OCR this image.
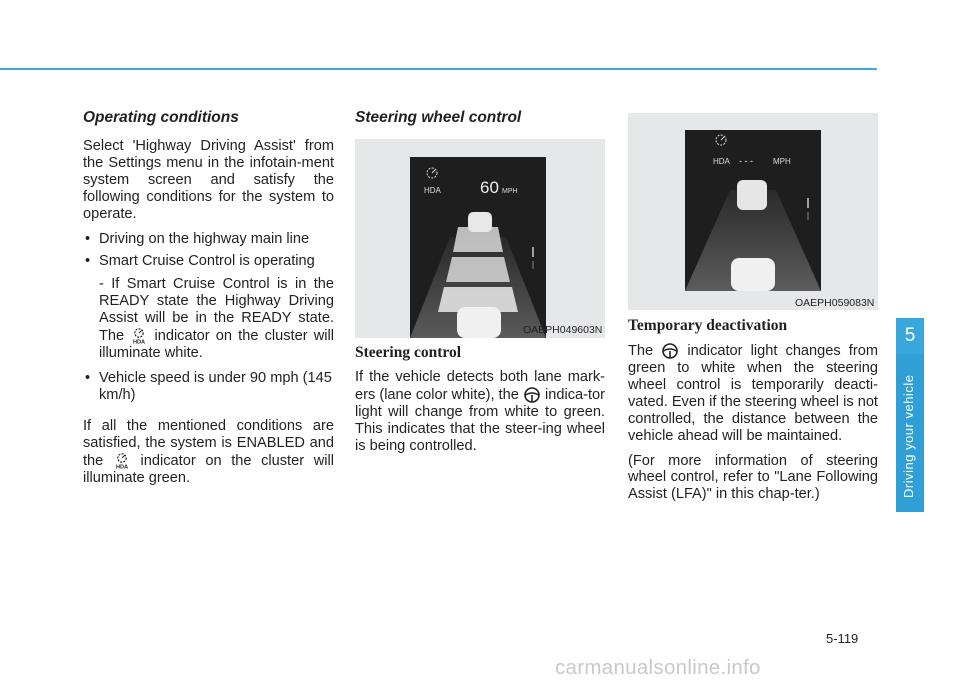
Operating conditions

Select 'Highway Driving Assist' from the Settings menu in the infotain-ment system screen and satisfy the following conditions for the system to operate.

• Driving on the highway main line
• Smart Cruise Control is operating

- If Smart Cruise Control is in the READY state the Highway Driving Assist will be in the READY state. The HDA indicator on the cluster will illuminate white.

• Vehicle speed is under 90 mph (145 km/h)

If all the mentioned conditions are satisfied, the system is ENABLED and the HDA indicator on the cluster will illuminate green.

Steering wheel control
HDA 60 MPH
OAEPH049603N
Steering control

If the vehicle detects both lane mark-ers (lane color white), the indica-tor light will change from white to green. This indicates that the steer-ing wheel is being controlled.

HDA - - -	MPH
OAEPH059083N
Temporary deactivation

The indicator light changes from green to white when the steering wheel control is temporarily deacti-vated. Even if the steering wheel is not controlled, the distance between the vehicle ahead will be maintained.

(For more information of steering wheel control, refer to "Lane Following Assist (LFA)" in this chap-ter.)

5
Driving your vehicle
5-119
carmanualsonline.info
